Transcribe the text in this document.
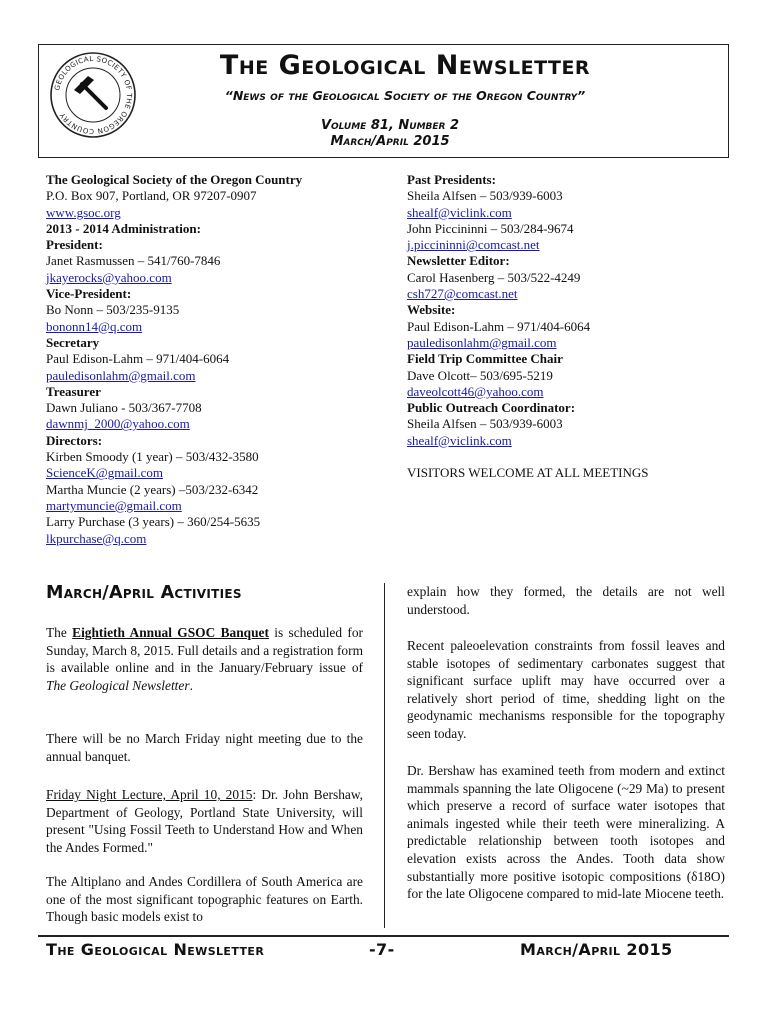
GEOLOGICAL SOCIETY OF THE OREGON COUNTRY
The Geological Newsletter
“News of the Geological Society of the Oregon Country”
Volume 81, Number 2
March/April 2015
The Geological Society of the Oregon Country
P.O. Box 907, Portland, OR 97207-0907
www.gsoc.org
2013 - 2014 Administration:
President:
Janet Rasmussen – 541/760-7846
jkayerocks@yahoo.com
Vice-President:
Bo Nonn – 503/235-9135
bononn14@q.com
Secretary
Paul Edison-Lahm – 971/404-6064
pauledisonlahm@gmail.com
Treasurer
Dawn Juliano - 503/367-7708
dawnmj_2000@yahoo.com
Directors:
Kirben Smoody (1 year) – 503/432-3580
ScienceK@gmail.com
Martha Muncie (2 years) –503/232-6342
martymuncie@gmail.com
Larry Purchase (3 years) – 360/254-5635
lkpurchase@q.com
Past Presidents:
Sheila Alfsen – 503/939-6003
shealf@viclink.com
John Piccininni – 503/284-9674
j.piccininni@comcast.net
Newsletter Editor:
Carol Hasenberg – 503/522-4249
csh727@comcast.net
Website:
Paul Edison-Lahm – 971/404-6064
pauledisonlahm@gmail.com
Field Trip Committee Chair
Dave Olcott– 503/695-5219
daveolcott46@yahoo.com
Public Outreach Coordinator:
Sheila Alfsen – 503/939-6003
shealf@viclink.com

VISITORS WELCOME AT ALL MEETINGS
March/April Activities
The Eightieth Annual GSOC Banquet is scheduled for Sunday, March 8, 2015. Full details and a registration form is available online and in the January/February issue of The Geological Newsletter.
There will be no March Friday night meeting due to the annual banquet.
Friday Night Lecture, April 10, 2015: Dr. John Bershaw, Department of Geology, Portland State University, will present "Using Fossil Teeth to Understand How and When the Andes Formed."
The Altiplano and Andes Cordillera of South America are one of the most significant topographic features on Earth. Though basic models exist to
explain how they formed, the details are not well understood.
Recent paleoelevation constraints from fossil leaves and stable isotopes of sedimentary carbonates suggest that significant surface uplift may have occurred over a relatively short period of time, shedding light on the geodynamic mechanisms responsible for the topography seen today.
Dr. Bershaw has examined teeth from modern and extinct mammals spanning the late Oligocene (~29 Ma) to present which preserve a record of surface water isotopes that animals ingested while their teeth were mineralizing. A predictable relationship between tooth isotopes and elevation exists across the Andes. Tooth data show substantially more positive isotopic compositions (δ18O) for the late Oligocene compared to mid-late Miocene teeth.
The Geological Newsletter	-7-	March/April 2015
